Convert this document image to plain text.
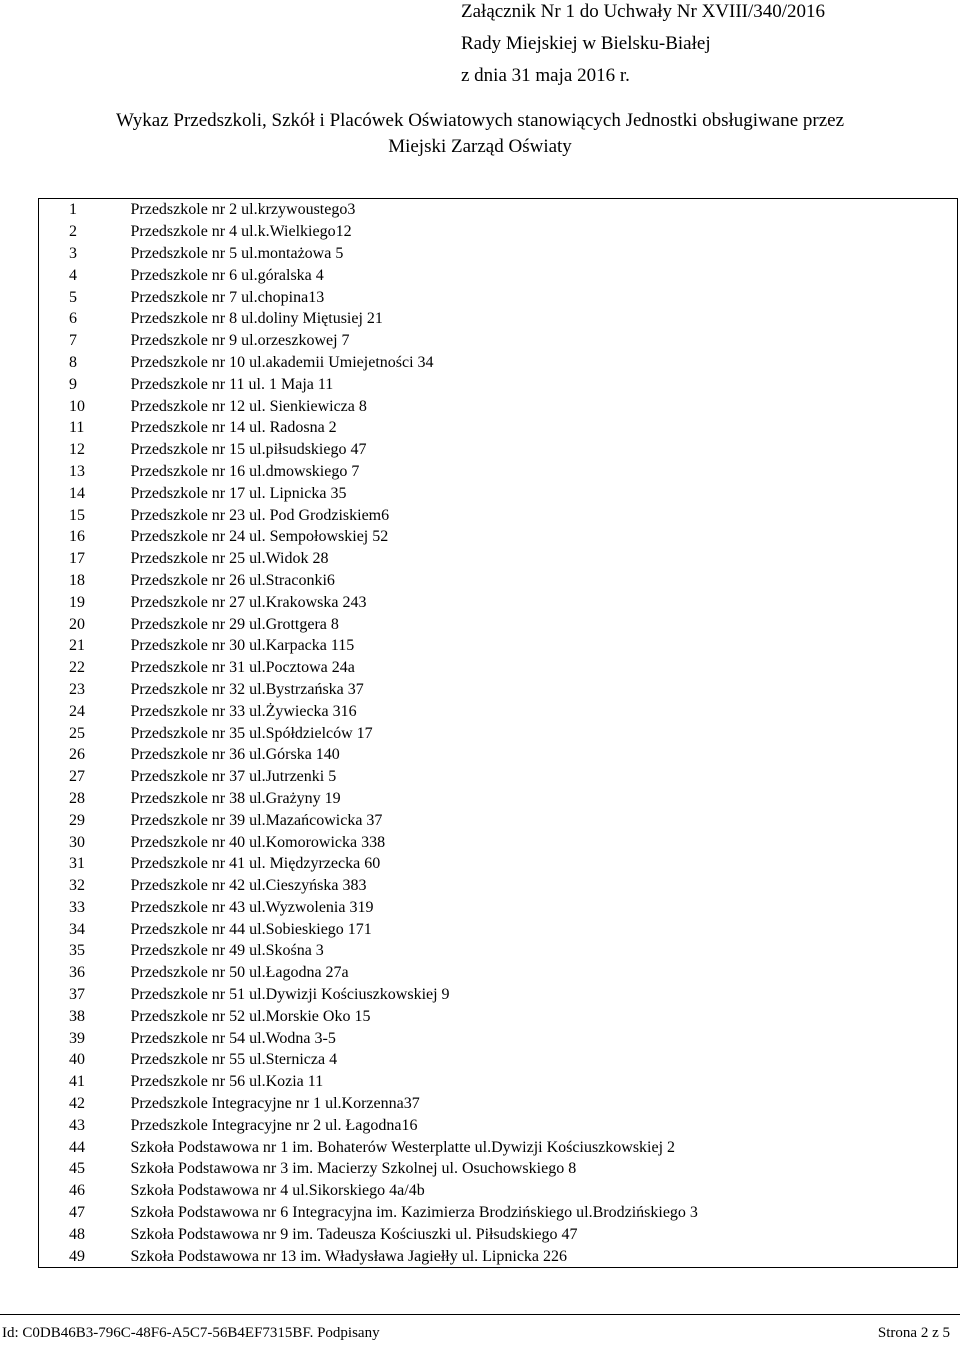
Załącznik Nr 1 do Uchwały Nr XVIII/340/2016
Rady Miejskiej w Bielsku-Białej
z dnia 31 maja 2016 r.
Wykaz Przedszkoli, Szkół i Placówek Oświatowych stanowiących Jednostki obsługiwane przez
Miejski Zarząd Oświaty
1	Przedszkole nr 2 ul.krzywoustego3
2	Przedszkole nr 4 ul.k.Wielkiego12
3	Przedszkole nr 5 ul.montażowa 5
4	Przedszkole nr 6 ul.góralska 4
5	Przedszkole nr 7 ul.chopina13
6	Przedszkole nr 8 ul.doliny Miętusiej 21
7	Przedszkole nr 9 ul.orzeszkowej 7
8	Przedszkole nr 10 ul.akademii Umiejetności 34
9	Przedszkole nr 11 ul. 1 Maja 11
10	Przedszkole nr 12 ul. Sienkiewicza 8
11	Przedszkole nr 14 ul. Radosna 2
12	Przedszkole nr 15 ul.piłsudskiego 47
13	Przedszkole nr 16 ul.dmowskiego 7
14	Przedszkole nr 17 ul. Lipnicka 35
15	Przedszkole nr 23 ul. Pod Grodziskiem6
16	Przedszkole nr 24 ul. Sempołowskiej 52
17	Przedszkole nr 25 ul.Widok 28
18	Przedszkole nr 26 ul.Straconki6
19	Przedszkole nr 27 ul.Krakowska 243
20	Przedszkole nr 29 ul.Grottgera 8
21	Przedszkole nr 30 ul.Karpacka 115
22	Przedszkole nr 31 ul.Pocztowa 24a
23	Przedszkole nr 32 ul.Bystrzańska 37
24	Przedszkole nr 33 ul.Żywiecka 316
25	Przedszkole nr 35 ul.Spółdzielców 17
26	Przedszkole nr 36 ul.Górska 140
27	Przedszkole nr 37 ul.Jutrzenki 5
28	Przedszkole nr 38 ul.Grażyny 19
29	Przedszkole nr 39 ul.Mazańcowicka 37
30	Przedszkole nr 40 ul.Komorowicka 338
31	Przedszkole nr 41 ul. Międzyrzecka 60
32	Przedszkole nr 42 ul.Cieszyńska 383
33	Przedszkole nr 43 ul.Wyzwolenia 319
34	Przedszkole nr 44 ul.Sobieskiego 171
35	Przedszkole nr 49 ul.Skośna 3
36	Przedszkole nr 50 ul.Łagodna 27a
37	Przedszkole nr 51 ul.Dywizji Kościuszkowskiej 9
38	Przedszkole nr 52 ul.Morskie Oko 15
39	Przedszkole nr 54 ul.Wodna 3-5
40	Przedszkole nr 55 ul.Sternicza 4
41	Przedszkole nr 56 ul.Kozia 11
42	Przedszkole Integracyjne nr 1 ul.Korzenna37
43	Przedszkole Integracyjne nr 2 ul. Łagodna16
44	Szkoła Podstawowa nr 1 im. Bohaterów Westerplatte ul.Dywizji Kościuszkowskiej 2
45	Szkoła Podstawowa nr 3 im. Macierzy Szkolnej ul. Osuchowskiego 8
46	Szkoła Podstawowa nr 4 ul.Sikorskiego 4a/4b
47	Szkoła Podstawowa nr 6 Integracyjna im. Kazimierza Brodzińskiego ul.Brodzińskiego 3
48	Szkoła Podstawowa nr 9 im. Tadeusza Kościuszki ul. Piłsudskiego 47
49	Szkoła Podstawowa nr 13 im. Władysława Jagiełły ul. Lipnicka 226
Id: C0DB46B3-796C-48F6-A5C7-56B4EF7315BF. Podpisany	Strona 2 z 5
